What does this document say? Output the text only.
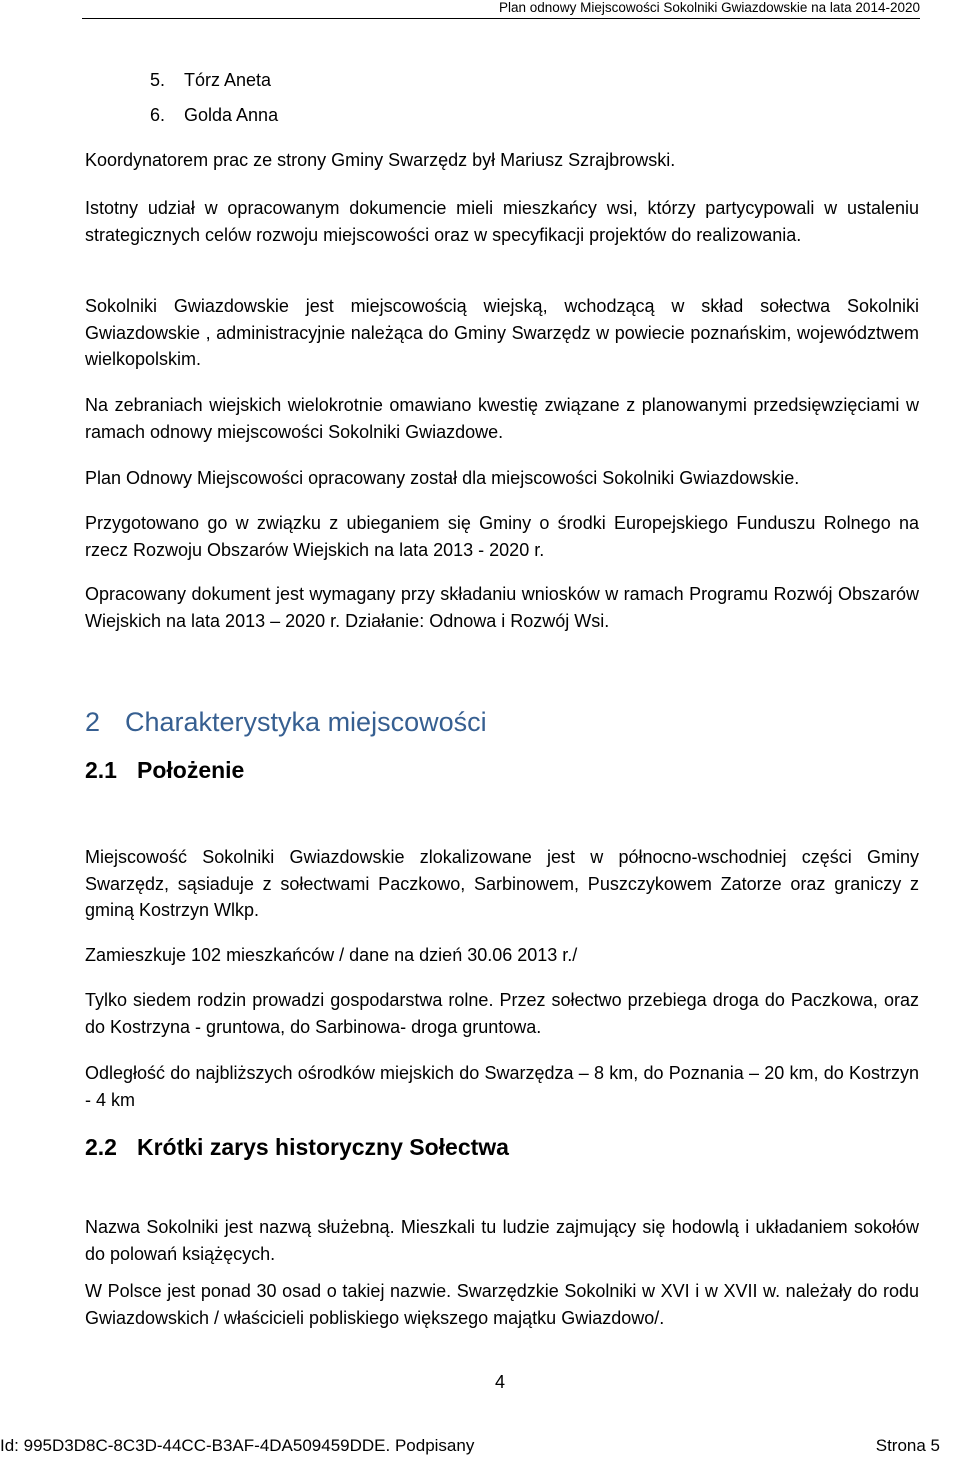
Plan odnowy Miejscowości Sokolniki Gwiazdowskie na lata 2014-2020
5. Tórz Aneta
6. Golda Anna

Koordynatorem prac ze strony Gminy Swarzędz był Mariusz Szrajbrowski.

Istotny udział w opracowanym dokumencie mieli mieszkańcy wsi, którzy partycypowali w ustaleniu strategicznych celów rozwoju miejscowości oraz w specyfikacji projektów do realizowania.

Sokolniki Gwiazdowskie jest miejscowością wiejską, wchodzącą w skład sołectwa Sokolniki Gwiazdowskie , administracyjnie należąca do Gminy Swarzędz w powiecie poznańskim, województwem wielkopolskim.

Na zebraniach wiejskich wielokrotnie omawiano kwestię związane z planowanymi przedsięwzięciami w ramach odnowy miejscowości Sokolniki Gwiazdowe.

Plan Odnowy Miejscowości opracowany został dla miejscowości Sokolniki Gwiazdowskie.

Przygotowano go w związku z ubieganiem się Gminy o środki Europejskiego Funduszu Rolnego na rzecz Rozwoju Obszarów Wiejskich na lata 2013 - 2020 r.

Opracowany dokument jest wymagany przy składaniu wniosków w ramach Programu Rozwój Obszarów Wiejskich na lata 2013 – 2020 r. Działanie: Odnowa i Rozwój Wsi.

2 Charakterystyka miejscowości
2.1 Położenie

Miejscowość Sokolniki Gwiazdowskie zlokalizowane jest w północno-wschodniej części Gminy Swarzędz, sąsiaduje z sołectwami Paczkowo, Sarbinowem, Puszczykowem Zatorze oraz graniczy z gminą Kostrzyn Wlkp.

Zamieszkuje 102 mieszkańców / dane na dzień 30.06 2013 r./

Tylko siedem rodzin prowadzi gospodarstwa rolne. Przez sołectwo przebiega droga do Paczkowa, oraz do Kostrzyna - gruntowa, do Sarbinowa- droga gruntowa.

Odległość do najbliższych ośrodków miejskich do Swarzędza – 8 km, do Poznania – 20 km, do Kostrzyn - 4 km

2.2 Krótki zarys historyczny Sołectwa

Nazwa Sokolniki jest nazwą służebną. Mieszkali tu ludzie zajmujący się hodowlą i układaniem sokołów do polowań książęcych.

W Polsce jest ponad 30 osad o takiej nazwie. Swarzędzkie Sokolniki w XVI i w XVII w. należały do rodu Gwiazdowskich / właścicieli pobliskiego większego majątku Gwiazdowo/.

4
Id: 995D3D8C-8C3D-44CC-B3AF-4DA509459DDE. Podpisany	Strona 5
